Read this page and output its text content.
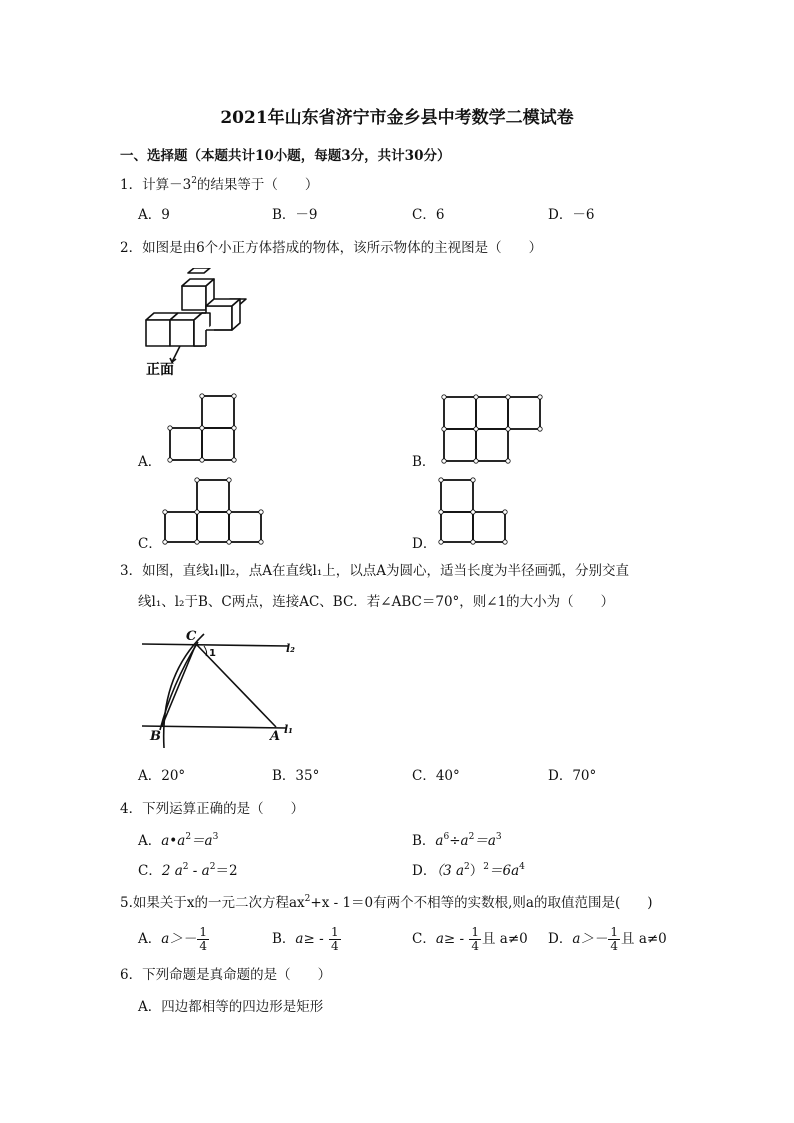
2021年山东省济宁市金乡县中考数学二模试卷
一、选择题（本题共计10小题，每题3分，共计30分）
1．计算$-3^2$的结果等于（　　）
A．9	B．－9	C．6	D．－6
2．如图是由6个小正方体搭成的物体，该所示物体的主视图是（　　）
正面
A．	B．
C．	D．
3．如图，直线l₁∥l₂，点A在直线l₁上，以点A为圆心，适当长度为半径画弧，分别交直
线l₁、l₂于B、C两点，连接AC、BC．若∠ABC＝70°，则∠1的大小为（　　）
C
B	A
l₂
l₁
1
A．20°	B．35°	C．40°	D．70°
4．下列运算正确的是（　　）
A．$a•a^2=a^3$	B．$a^6\div a^2=a^3$
C．2 $a^2 - a^2=2$	D．（3 $a^2)^2=6a^4$
5.如果关于x的一元二次方程$ax^2+x - 1=0$有两个不相等的实数根,则a的取值范围是(　　)
A．$a>- \frac{1}{4}$	B．$a\ge - \frac{1}{4}$	C．$a\ge - \frac{1}{4}$ 且 a≠0 D．$a>- \frac{1}{4}$ 且 a≠0
6．下列命题是真命题的是（　　）
A．四边都相等的四边形是矩形
